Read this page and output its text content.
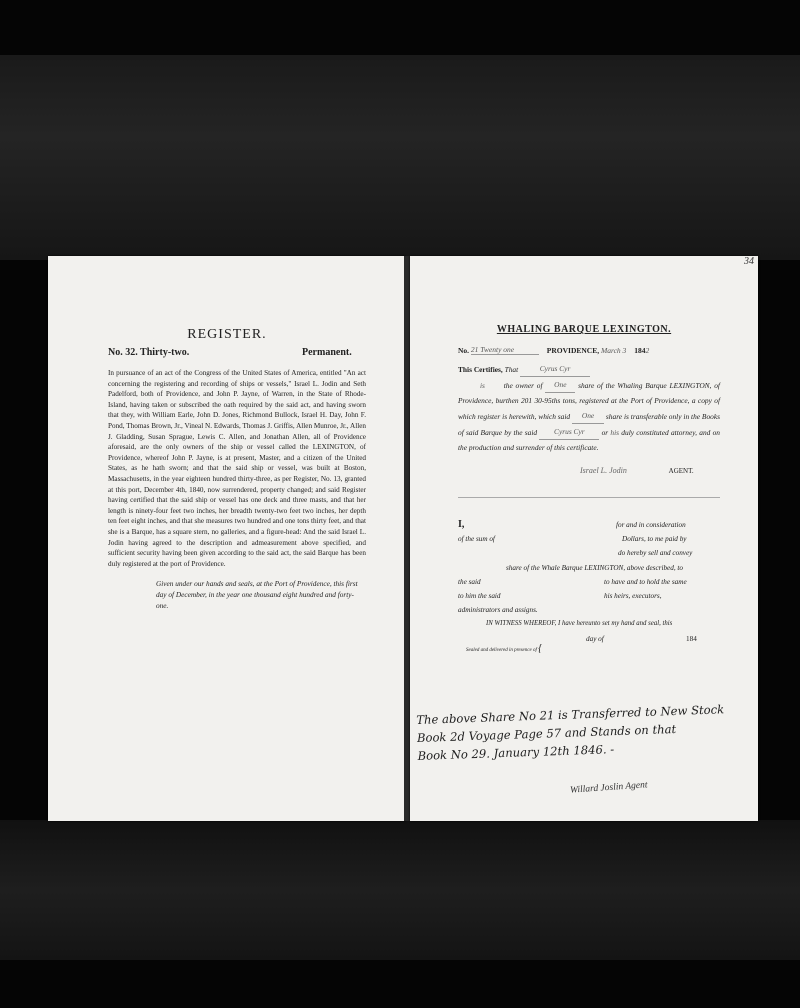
REGISTER.
No. 32. Thirty-two.	Permanent.
In pursuance of an act of the Congress of the United States of America, entitled "An act concerning the registering and recording of ships or vessels," Israel L. Jodin and Seth Padelford, both of Providence, and John P. Jayne, of Warren, in the State of Rhode-Island, having taken or subscribed the oath required by the said act, and having sworn that they, with William Earle, John D. Jones, Richmond Bullock, Israel H. Day, John F. Pond, Thomas Brown, Jr., Vineal N. Edwards, Thomas J. Griffis, Allen Munroe, Jr., Allen J. Gladding, Susan Sprague, Lewis C. Allen, and Jonathan Allen, all of Providence aforesaid, are the only owners of the ship or vessel called the LEXINGTON, of Providence, whereof John P. Jayne, is at present, Master, and a citizen of the United States, as he hath sworn; and that the said ship or vessel, was built at Boston, Massachusetts, in the year eighteen hundred thirty-three, as per Register, No. 13, granted at this port, December 4th, 1840, now surrendered, property changed; and said Register having certified that the said ship or vessel has one deck and three masts, and that her length is ninety-four feet two inches, her breadth twenty-two feet two inches, her depth ten feet eight inches, and that she measures two hundred and one tons thirty feet, and that she is a Barque, has a square stern, no galleries, and a figure-head: And the said Israel L. Jodin having agreed to the description and admeasurement above specified, and sufficient security having been given according to the said act, the said Barque has been duly registered at the port of Providence.
Given under our hands and seals, at the Port of Providence, this first day of December, in the year one thousand eight hundred and forty-one.
34
WHALING BARQUE LEXINGTON.
No. 21 Twenty one	PROVIDENCE, March 3 1842
This Certifies, That	Cyrus Cyr
is	the owner of One share of the Whaling Barque LEXINGTON, of Providence, burthen 201 30-95ths tons, registered at the Port of Providence, a copy of which register is herewith, which said One share is transferable only in the Books of said Barque by the said Cyrus Cyr or his duly constituted attorney, and on the production and surrender of this certificate.
Israel L. Jodin	AGENT.
I,	for and in consideration
of the sum of	Dollars, to me paid by
do hereby sell and convey
share of the Whale Barque LEXINGTON, above described, to
the said	to have and to hold the same
to him the said	his heirs, executors,
administrators and assigns.
IN WITNESS WHEREOF, I have hereunto set my hand and seal, this
day of	184
Sealed and delivered in presence of {
The above Share No 21 is Transferred to New Stock
Book 2d Voyage Page 57 and Stands on that
Book No 29. January 12th 1846. -
Willard Joslin Agent
